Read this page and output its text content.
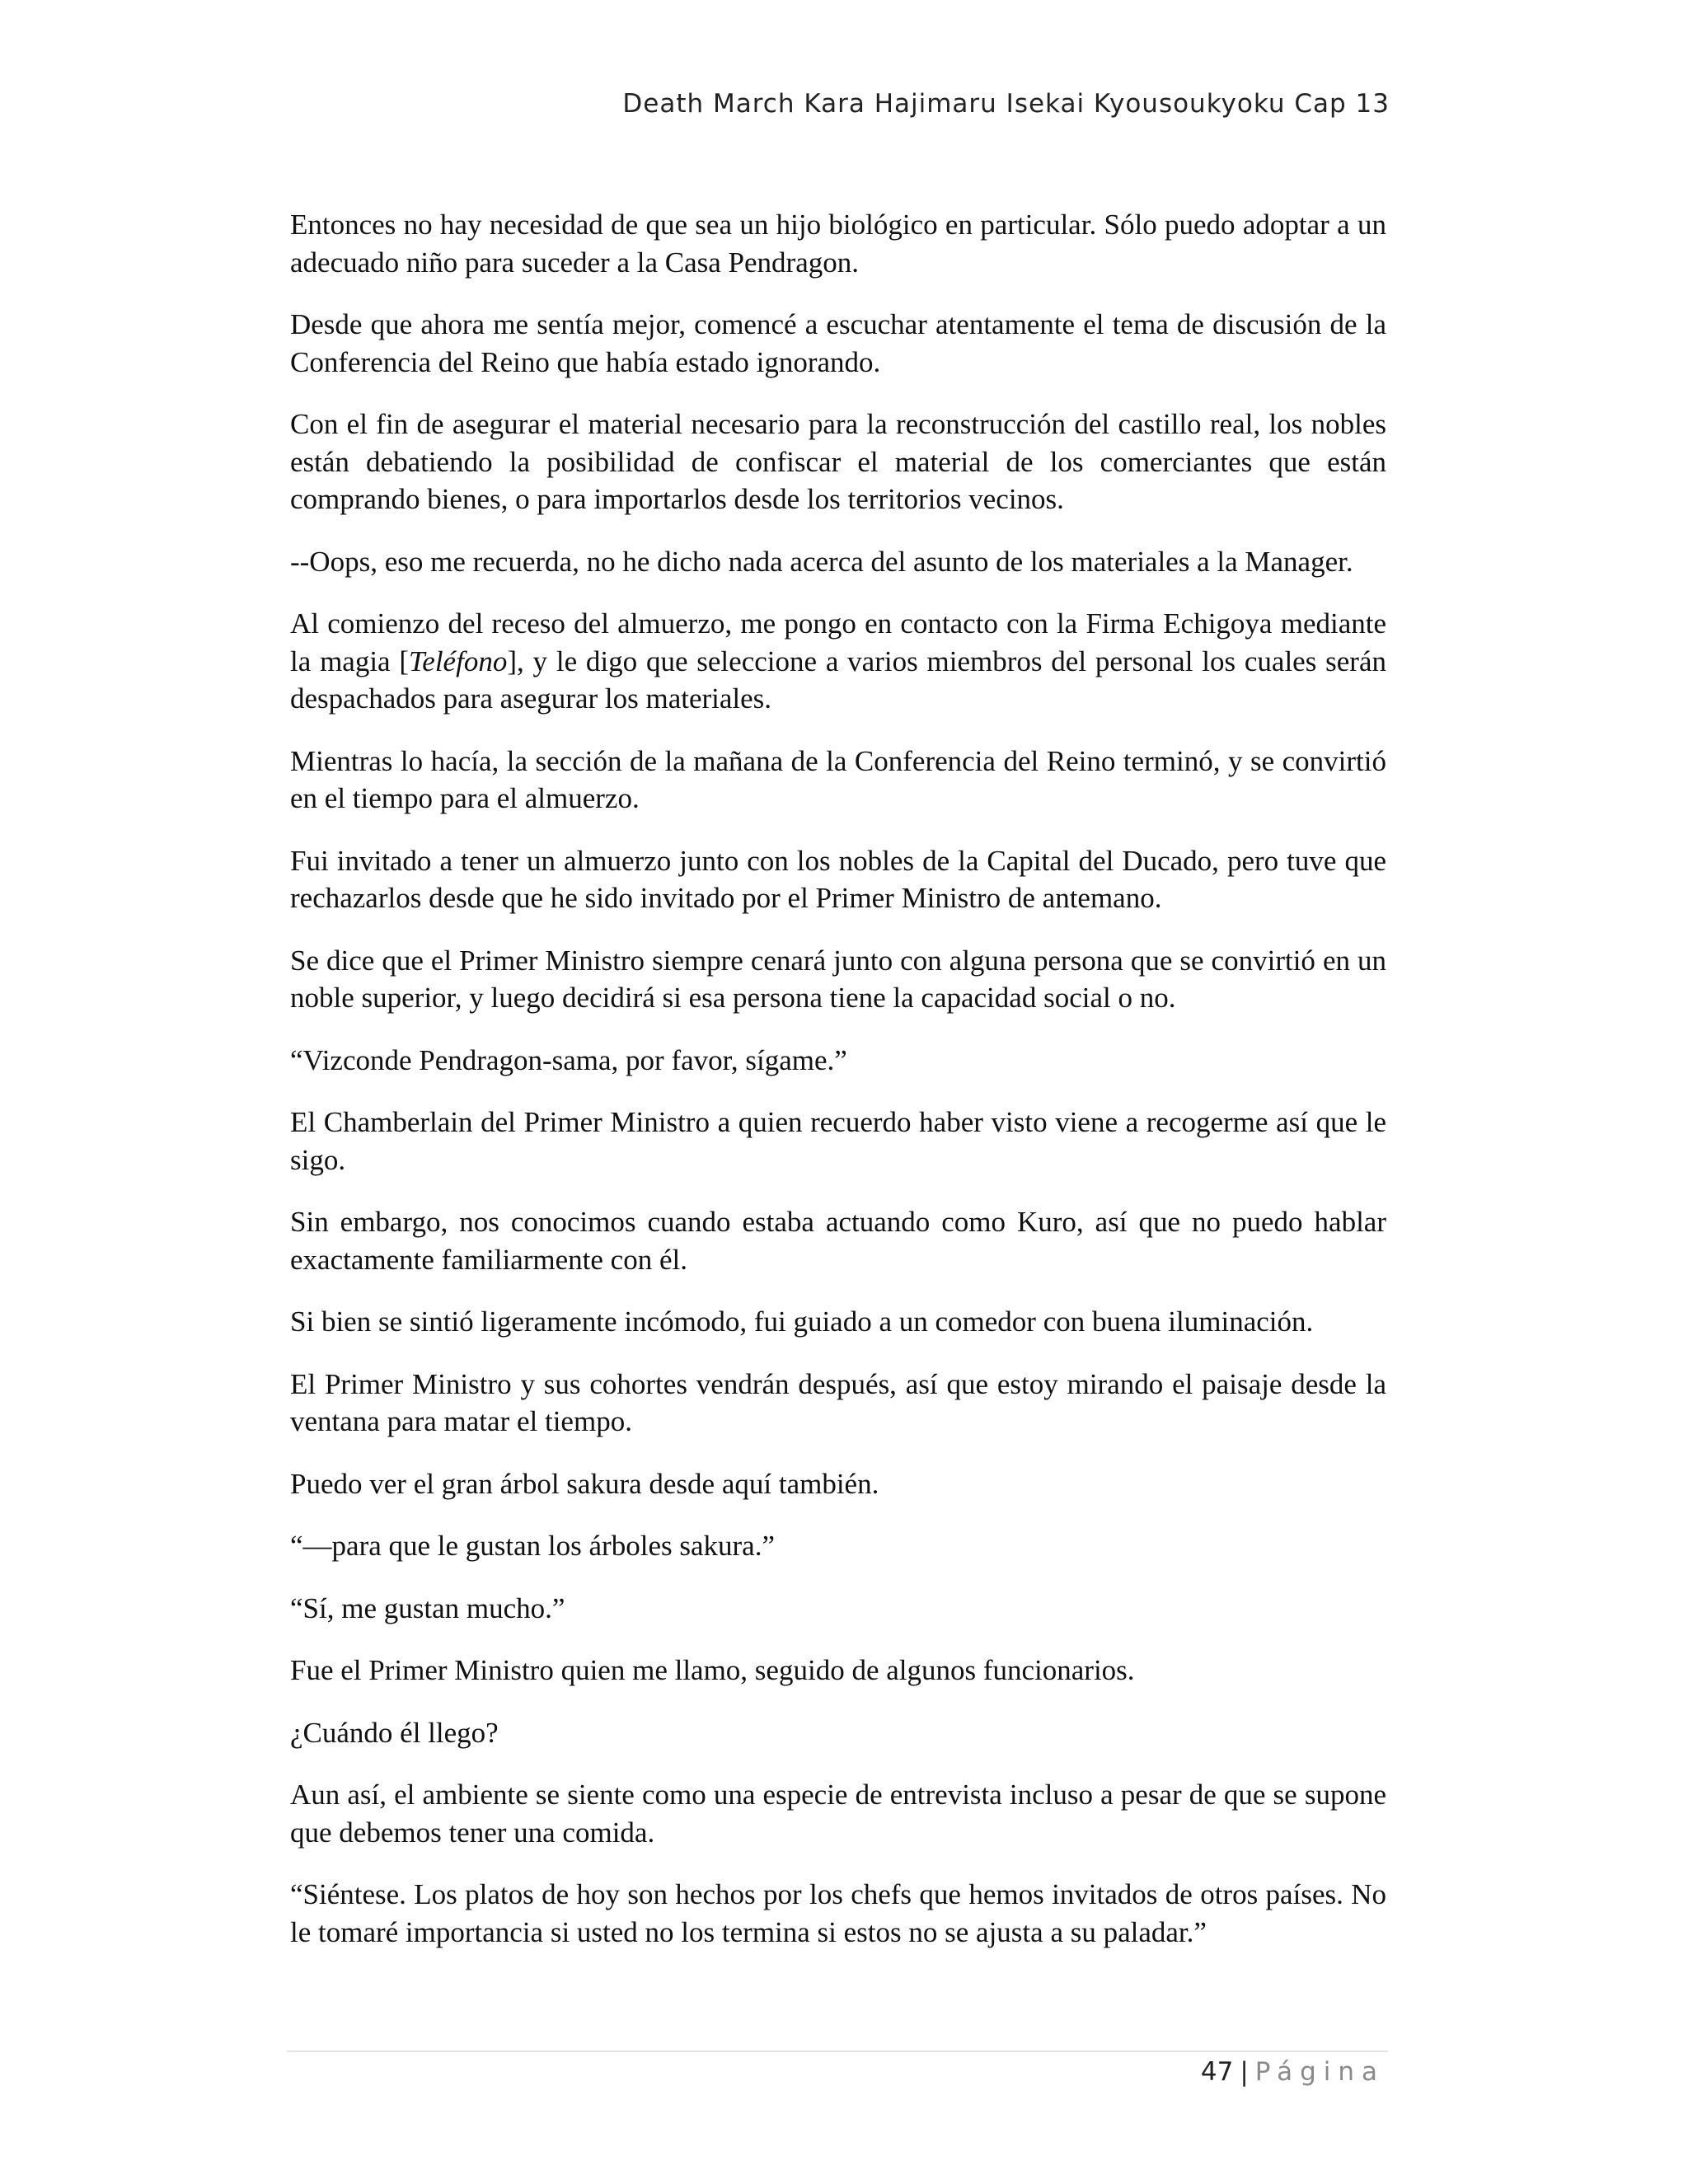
Death March Kara Hajimaru Isekai Kyousoukyoku Cap 13

Entonces no hay necesidad de que sea un hijo biológico en particular. Sólo puedo adoptar a un adecuado niño para suceder a la Casa Pendragon.

Desde que ahora me sentía mejor, comencé a escuchar atentamente el tema de discusión de la Conferencia del Reino que había estado ignorando.

Con el fin de asegurar el material necesario para la reconstrucción del castillo real, los nobles están debatiendo la posibilidad de confiscar el material de los comerciantes que están comprando bienes, o para importarlos desde los territorios vecinos.

--Oops, eso me recuerda, no he dicho nada acerca del asunto de los materiales a la Manager.

Al comienzo del receso del almuerzo, me pongo en contacto con la Firma Echigoya mediante la magia [Teléfono], y le digo que seleccione a varios miembros del personal los cuales serán despachados para asegurar los materiales.

Mientras lo hacía, la sección de la mañana de la Conferencia del Reino terminó, y se convirtió en el tiempo para el almuerzo.

Fui invitado a tener un almuerzo junto con los nobles de la Capital del Ducado, pero tuve que rechazarlos desde que he sido invitado por el Primer Ministro de antemano.

Se dice que el Primer Ministro siempre cenará junto con alguna persona que se convirtió en un noble superior, y luego decidirá si esa persona tiene la capacidad social o no.

“Vizconde Pendragon-sama, por favor, sígame.”

El Chamberlain del Primer Ministro a quien recuerdo haber visto viene a recogerme así que le sigo.

Sin embargo, nos conocimos cuando estaba actuando como Kuro, así que no puedo hablar exactamente familiarmente con él.

Si bien se sintió ligeramente incómodo, fui guiado a un comedor con buena iluminación.

El Primer Ministro y sus cohortes vendrán después, así que estoy mirando el paisaje desde la ventana para matar el tiempo.

Puedo ver el gran árbol sakura desde aquí también.

“—para que le gustan los árboles sakura.”

“Sí, me gustan mucho.”

Fue el Primer Ministro quien me llamo, seguido de algunos funcionarios.

¿Cuándo él llego?

Aun así, el ambiente se siente como una especie de entrevista incluso a pesar de que se supone que debemos tener una comida.

“Siéntese. Los platos de hoy son hechos por los chefs que hemos invitados de otros países. No le tomaré importancia si usted no los termina si estos no se ajusta a su paladar.”

47 | Página
